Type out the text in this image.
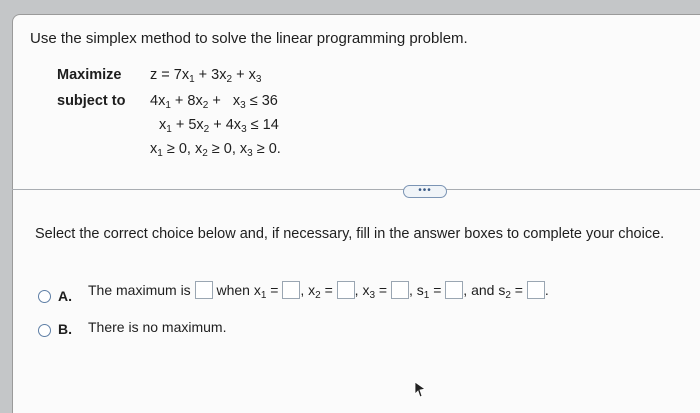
Use the simplex method to solve the linear programming problem.
Maximize
subject to
$z = 7x_1 + 3x_2 + x_3$
$4x_1 + 8x_2 + x_3 \le 36$
$x_1 + 5x_2 + 4x_3 \le 14$
$x_1 \ge 0$, $x_2 \ge 0$, $x_3 \ge 0$.
•••
Select the correct choice below and, if necessary, fill in the answer boxes to complete your choice.
A. The maximum is when $x_1$ = , $x_2$ = , $x_3$ = , $s_1$ = , and $s_2$ = .
B. There is no maximum.
